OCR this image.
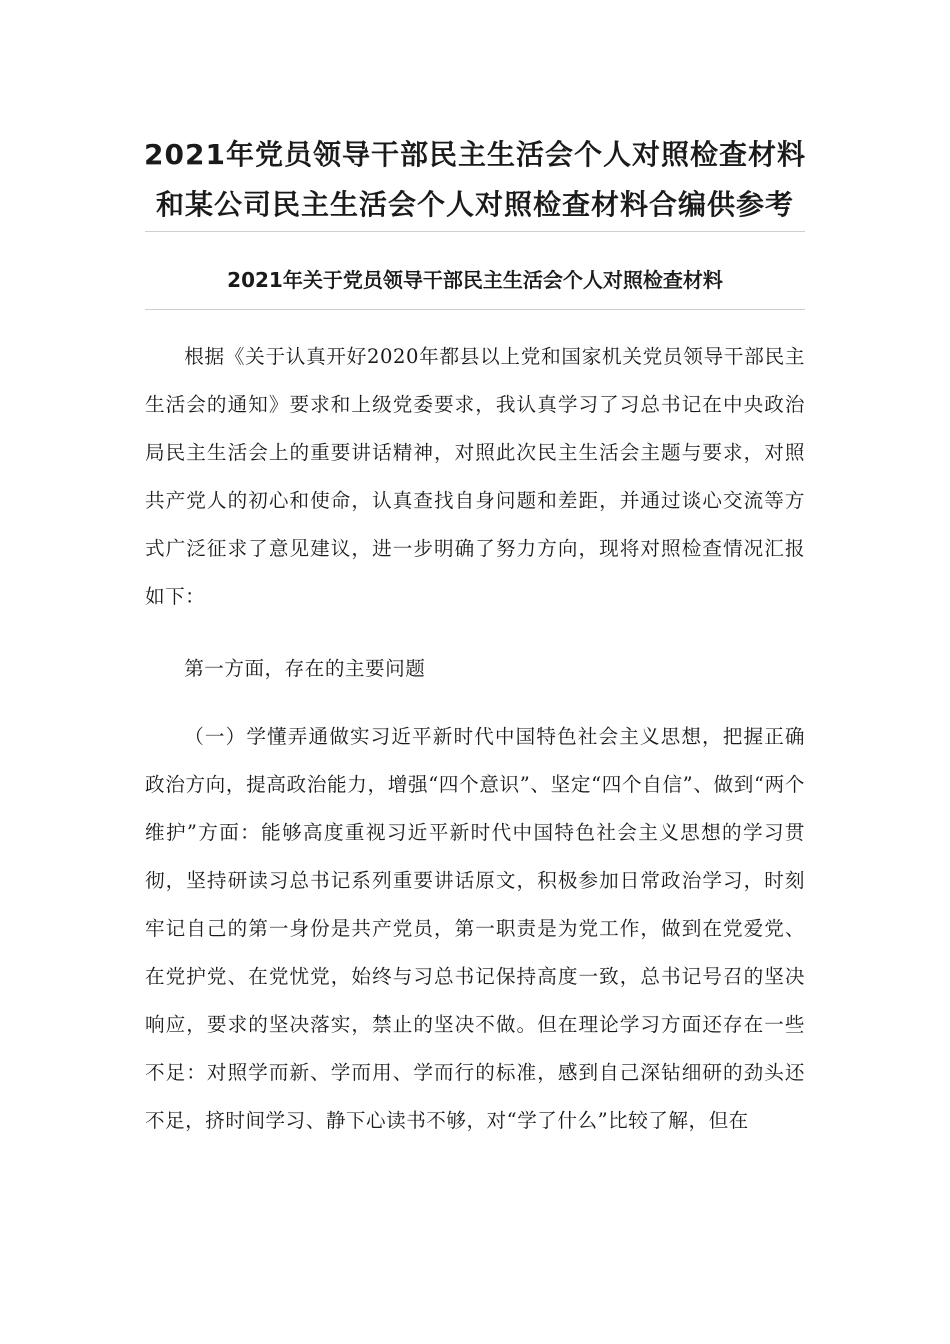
2021年党员领导干部民主生活会个人对照检查材料
和某公司民主生活会个人对照检查材料合编供参考
2021年关于党员领导干部民主生活会个人对照检查材料

根据《关于认真开好2020年都县以上党和国家机关党员领导干部民主生活会的通知》要求和上级党委要求，我认真学习了习总书记在中央政治局民主生活会上的重要讲话精神，对照此次民主生活会主题与要求，对照共产党人的初心和使命，认真查找自身问题和差距，并通过谈心交流等方式广泛征求了意见建议，进一步明确了努力方向，现将对照检查情况汇报如下：

第一方面，存在的主要问题

（一）学懂弄通做实习近平新时代中国特色社会主义思想，把握正确政治方向，提高政治能力，增强“四个意识”、坚定“四个自信”、做到“两个维护”方面：能够高度重视习近平新时代中国特色社会主义思想的学习贯彻，坚持研读习总书记系列重要讲话原文，积极参加日常政治学习，时刻牢记自己的第一身份是共产党员，第一职责是为党工作，做到在党爱党、在党护党、在党忧党，始终与习总书记保持高度一致，总书记号召的坚决响应，要求的坚决落实，禁止的坚决不做。但在理论学习方面还存在一些不足：对照学而新、学而用、学而行的标准，感到自己深钻细研的劲头还不足，挤时间学习、静下心读书不够，对“学了什么”比较了解，但在
